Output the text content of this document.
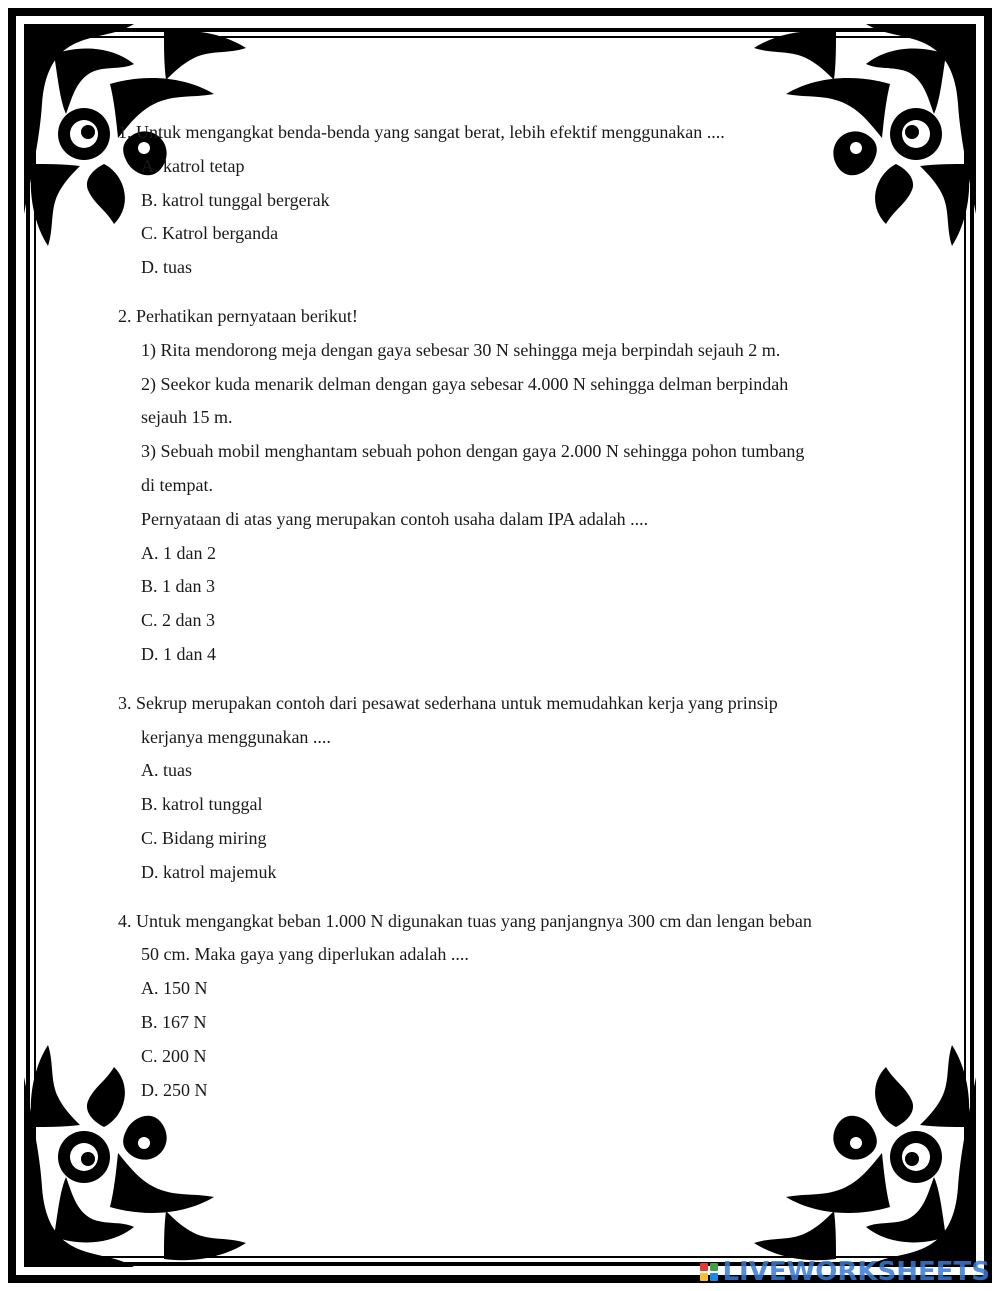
1. Untuk mengangkat benda-benda yang sangat berat, lebih efektif menggunakan ....
A. katrol tetap
B. katrol tunggal bergerak
C. Katrol berganda
D. tuas
2. Perhatikan pernyataan berikut!
1) Rita mendorong meja dengan gaya sebesar 30 N sehingga meja berpindah sejauh 2 m.
2) Seekor kuda menarik delman dengan gaya sebesar 4.000 N sehingga delman berpindah
sejauh 15 m.
3) Sebuah mobil menghantam sebuah pohon dengan gaya 2.000 N sehingga pohon tumbang
di tempat.
Pernyataan di atas yang merupakan contoh usaha dalam IPA adalah ....
A. 1 dan 2
B. 1 dan 3
C. 2 dan 3
D. 1 dan 4
3. Sekrup merupakan contoh dari pesawat sederhana untuk memudahkan kerja yang prinsip
kerjanya menggunakan ....
A. tuas
B. katrol tunggal
C. Bidang miring
D. katrol majemuk
4. Untuk mengangkat beban 1.000 N digunakan tuas yang panjangnya 300 cm dan lengan beban
50 cm. Maka gaya yang diperlukan adalah ....
A. 150 N
B. 167 N
C. 200 N
D. 250 N
LIVEWORKSHEETS
